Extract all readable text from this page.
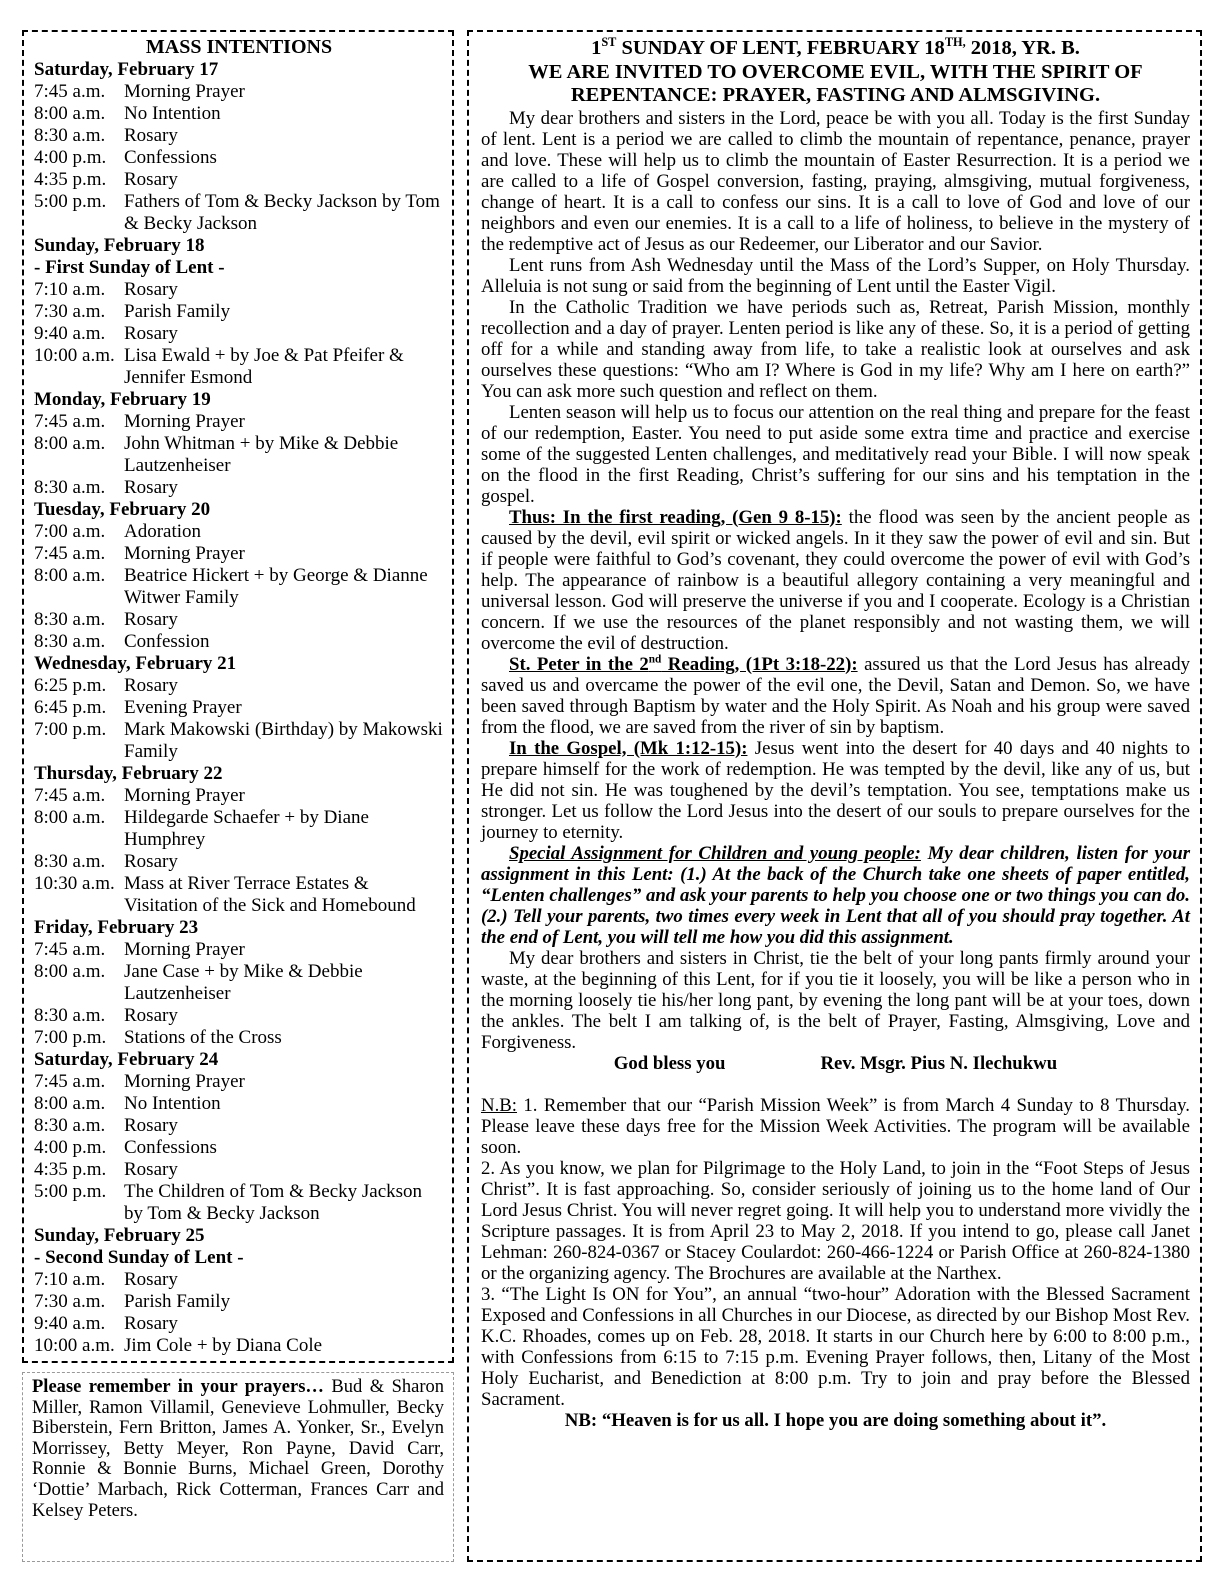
MASS INTENTIONS
Saturday, February 17
7:45 a.m. Morning Prayer
8:00 a.m. No Intention
8:30 a.m. Rosary
4:00 p.m. Confessions
4:35 p.m. Rosary
5:00 p.m. Fathers of Tom & Becky Jackson by Tom & Becky Jackson
Sunday, February 18
- First Sunday of Lent -
7:10 a.m. Rosary
7:30 a.m. Parish Family
9:40 a.m. Rosary
10:00 a.m. Lisa Ewald + by Joe & Pat Pfeifer & Jennifer Esmond
Monday, February 19
7:45 a.m. Morning Prayer
8:00 a.m. John Whitman + by Mike & Debbie Lautzenheiser
8:30 a.m. Rosary
Tuesday, February 20
7:00 a.m. Adoration
7:45 a.m. Morning Prayer
8:00 a.m. Beatrice Hickert + by George & Dianne Witwer Family
8:30 a.m. Rosary
8:30 a.m. Confession
Wednesday, February 21
6:25 p.m. Rosary
6:45 p.m. Evening Prayer
7:00 p.m. Mark Makowski (Birthday) by Makowski Family
Thursday, February 22
7:45 a.m. Morning Prayer
8:00 a.m. Hildegarde Schaefer + by Diane Humphrey
8:30 a.m. Rosary
10:30 a.m. Mass at River Terrace Estates & Visitation of the Sick and Homebound
Friday, February 23
7:45 a.m. Morning Prayer
8:00 a.m. Jane Case + by Mike & Debbie Lautzenheiser
8:30 a.m. Rosary
7:00 p.m. Stations of the Cross
Saturday, February 24
7:45 a.m. Morning Prayer
8:00 a.m. No Intention
8:30 a.m. Rosary
4:00 p.m. Confessions
4:35 p.m. Rosary
5:00 p.m. The Children of Tom & Becky Jackson by Tom & Becky Jackson
Sunday, February 25
- Second Sunday of Lent -
7:10 a.m. Rosary
7:30 a.m. Parish Family
9:40 a.m. Rosary
10:00 a.m. Jim Cole + by Diana Cole

Please remember in your prayers… Bud & Sharon Miller, Ramon Villamil, Genevieve Lohmuller, Becky Biberstein, Fern Britton, James A. Yonker, Sr., Evelyn Morrissey, Betty Meyer, Ron Payne, David Carr, Ronnie & Bonnie Burns, Michael Green, Dorothy ‘Dottie’ Marbach, Rick Cotterman, Frances Carr and Kelsey Peters.

1ST SUNDAY OF LENT, FEBRUARY $18^{TH,}$ 2018, YR. B.
WE ARE INVITED TO OVERCOME EVIL, WITH THE SPIRIT OF REPENTANCE: PRAYER, FASTING AND ALMSGIVING.

My dear brothers and sisters in the Lord, peace be with you all. Today is the first Sunday of lent. Lent is a period we are called to climb the mountain of repentance, penance, prayer and love. These will help us to climb the mountain of Easter Resurrection. It is a period we are called to a life of Gospel conversion, fasting, praying, almsgiving, mutual forgiveness, change of heart. It is a call to confess our sins. It is a call to love of God and love of our neighbors and even our enemies. It is a call to a life of holiness, to believe in the mystery of the redemptive act of Jesus as our Redeemer, our Liberator and our Savior.

Lent runs from Ash Wednesday until the Mass of the Lord’s Supper, on Holy Thursday. Alleluia is not sung or said from the beginning of Lent until the Easter Vigil.

In the Catholic Tradition we have periods such as, Retreat, Parish Mission, monthly recollection and a day of prayer. Lenten period is like any of these. So, it is a period of getting off for a while and standing away from life, to take a realistic look at ourselves and ask ourselves these questions: “Who am I? Where is God in my life? Why am I here on earth?” You can ask more such question and reflect on them.

Lenten season will help us to focus our attention on the real thing and prepare for the feast of our redemption, Easter. You need to put aside some extra time and practice and exercise some of the suggested Lenten challenges, and meditatively read your Bible. I will now speak on the flood in the first Reading, Christ’s suffering for our sins and his temptation in the gospel.

Thus: In the first reading, (Gen 9 8-15): the flood was seen by the ancient people as caused by the devil, evil spirit or wicked angels. In it they saw the power of evil and sin. But if people were faithful to God’s covenant, they could overcome the power of evil with God’s help. The appearance of rainbow is a beautiful allegory containing a very meaningful and universal lesson. God will preserve the universe if you and I cooperate. Ecology is a Christian concern. If we use the resources of the planet responsibly and not wasting them, we will overcome the evil of destruction.

St. Peter in the 2nd Reading, (1Pt 3:18-22): assured us that the Lord Jesus has already saved us and overcame the power of the evil one, the Devil, Satan and Demon. So, we have been saved through Baptism by water and the Holy Spirit. As Noah and his group were saved from the flood, we are saved from the river of sin by baptism.

In the Gospel, (Mk 1:12-15): Jesus went into the desert for 40 days and 40 nights to prepare himself for the work of redemption. He was tempted by the devil, like any of us, but He did not sin. He was toughened by the devil’s temptation. You see, temptations make us stronger. Let us follow the Lord Jesus into the desert of our souls to prepare ourselves for the journey to eternity.

Special Assignment for Children and young people: My dear children, listen for your assignment in this Lent: (1.) At the back of the Church take one sheets of paper entitled, “Lenten challenges” and ask your parents to help you choose one or two things you can do. (2.) Tell your parents, two times every week in Lent that all of you should pray together. At the end of Lent, you will tell me how you did this assignment.

My dear brothers and sisters in Christ, tie the belt of your long pants firmly around your waste, at the beginning of this Lent, for if you tie it loosely, you will be like a person who in the morning loosely tie his/her long pant, by evening the long pant will be at your toes, down the ankles. The belt I am talking of, is the belt of Prayer, Fasting, Almsgiving, Love and Forgiveness.

God bless you	Rev. Msgr. Pius N. Ilechukwu

N.B: 1. Remember that our “Parish Mission Week” is from March 4 Sunday to 8 Thursday. Please leave these days free for the Mission Week Activities. The program will be available soon.

2. As you know, we plan for Pilgrimage to the Holy Land, to join in the “Foot Steps of Jesus Christ”. It is fast approaching. So, consider seriously of joining us to the home land of Our Lord Jesus Christ. You will never regret going. It will help you to understand more vividly the Scripture passages. It is from April 23 to May 2, 2018. If you intend to go, please call Janet Lehman: 260-824-0367 or Stacey Coulardot: 260-466-1224 or Parish Office at 260-824-1380 or the organizing agency. The Brochures are available at the Narthex.

3. “The Light Is ON for You”, an annual “two-hour” Adoration with the Blessed Sacrament Exposed and Confessions in all Churches in our Diocese, as directed by our Bishop Most Rev. K.C. Rhoades, comes up on Feb. 28, 2018. It starts in our Church here by 6:00 to 8:00 p.m., with Confessions from 6:15 to 7:15 p.m. Evening Prayer follows, then, Litany of the Most Holy Eucharist, and Benediction at 8:00 p.m. Try to join and pray before the Blessed Sacrament.

NB: “Heaven is for us all. I hope you are doing something about it”.
